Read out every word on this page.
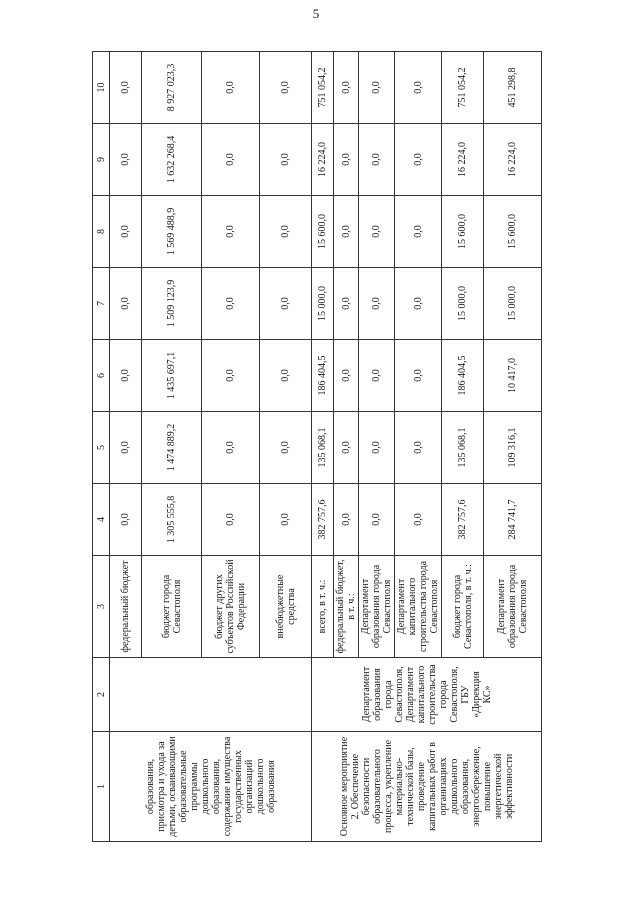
5
1	2	3	4	5	6	7	8	9	10
образования, присмотра и ухода за детьми, осваивающими образовательные программы дошкольного образования, содержание имущества государственных организаций дошкольного образования		федеральный бюджет	0,0	0,0	0,0	0,0	0,0	0,0	0,0
		бюджет города Севастополя	1 305 555,8	1 474 889,2	1 435 697,1	1 509 123,9	1 569 488,9	1 632 268,4	8 927 023,3
		бюджет других субъектов Российской Федерации	0,0	0,0	0,0	0,0	0,0	0,0	0,0
		внебюджетные средства	0,0	0,0	0,0	0,0	0,0	0,0	0,0
Основное мероприятие 2. Обеспечение безопасности образовательного процесса, укрепление материально-технической базы, проведение капитальных работ в организациях дошкольного образования, энергосбережение, повышение энергетической эффективности	Департамент образования города Севастополя, Департамент капитального строительства города Севастополя, ГБУ «Дирекция КС»	всего, в т. ч.:	382 757,6	135 068,1	186 404,5	15 000,0	15 600,0	16 224,0	751 054,2
		федеральный бюджет, в т. ч.:	0,0	0,0	0,0	0,0	0,0	0,0	0,0
		Департамент образования города Севастополя	0,0	0,0	0,0	0,0	0,0	0,0	0,0
		Департамент капитального строительства города Севастополя	0,0	0,0	0,0	0,0	0,0	0,0	0,0
		бюджет города Севастополя, в т. ч.:	382 757,6	135 068,1	186 404,5	15 000,0	15 600,0	16 224,0	751 054,2
		Департамент образования города Севастополя	284 741,7	109 316,1	10 417,0	15 000,0	15 600,0	16 224,0	451 298,8
